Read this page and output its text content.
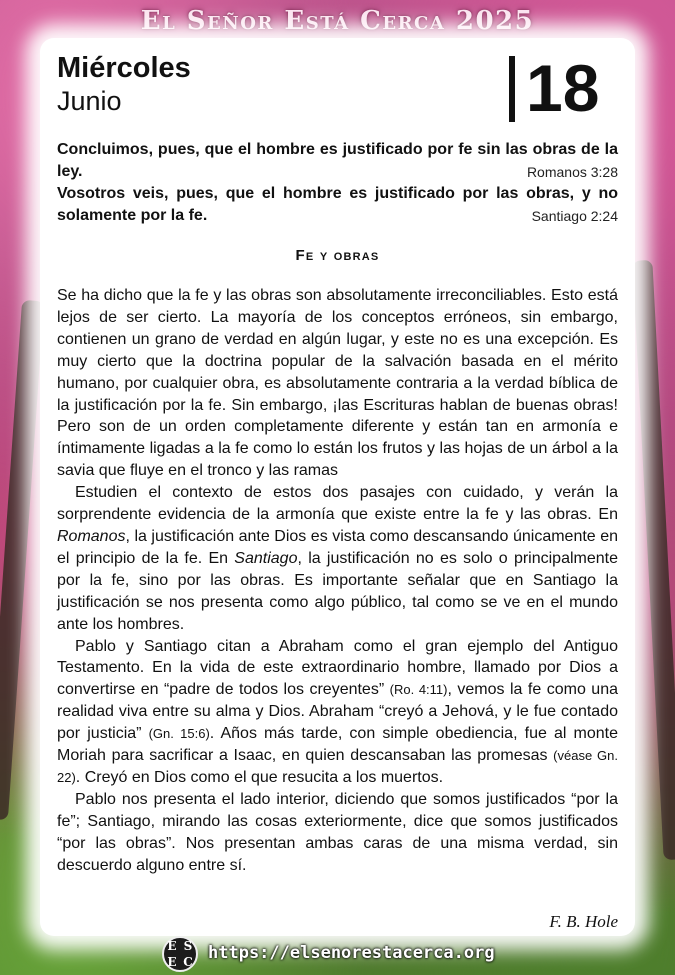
El Señor Está Cerca 2025
Miércoles
Junio	18
Concluimos, pues, que el hombre es justificado por fe sin las obras de la ley.	Romanos 3:28
Vosotros veis, pues, que el hombre es justificado por las obras, y no solamente por la fe.	Santiago 2:24
Fe y obras

Se ha dicho que la fe y las obras son absolutamente irreconciliables. Esto está lejos de ser cierto. La mayoría de los conceptos erróneos, sin embargo, contienen un grano de verdad en algún lugar, y este no es una excepción. Es muy cierto que la doctrina popular de la salvación basada en el mérito humano, por cualquier obra, es absolutamente contraria a la verdad bíblica de la justificación por la fe. Sin embargo, ¡las Escrituras hablan de buenas obras! Pero son de un orden completamente diferente y están tan en armonía e íntimamente ligadas a la fe como lo están los frutos y las hojas de un árbol a la savia que fluye en el tronco y las ramas

Estudien el contexto de estos dos pasajes con cuidado, y verán la sorprendente evidencia de la armonía que existe entre la fe y las obras. En Romanos, la justificación ante Dios es vista como descansando únicamente en el principio de la fe. En Santiago, la justificación no es solo o principalmente por la fe, sino por las obras. Es importante señalar que en Santiago la justificación se nos presenta como algo público, tal como se ve en el mundo ante los hombres.

Pablo y Santiago citan a Abraham como el gran ejemplo del Antiguo Testamento. En la vida de este extraordinario hombre, llamado por Dios a convertirse en “padre de todos los creyentes” (Ro. 4:11), vemos la fe como una realidad viva entre su alma y Dios. Abraham “creyó a Jehová, y le fue contado por justicia” (Gn. 15:6). Años más tarde, con simple obediencia, fue al monte Moriah para sacrificar a Isaac, en quien descansaban las promesas (véase Gn. 22). Creyó en Dios como el que resucita a los muertos.

Pablo nos presenta el lado interior, diciendo que somos justificados “por la fe”; Santiago, mirando las cosas exteriormente, dice que somos justificados “por las obras”. Nos presentan ambas caras de una misma verdad, sin descuerdo alguno entre sí.

F. B. Hole
E S
E C https://elsenorestacerca.org
